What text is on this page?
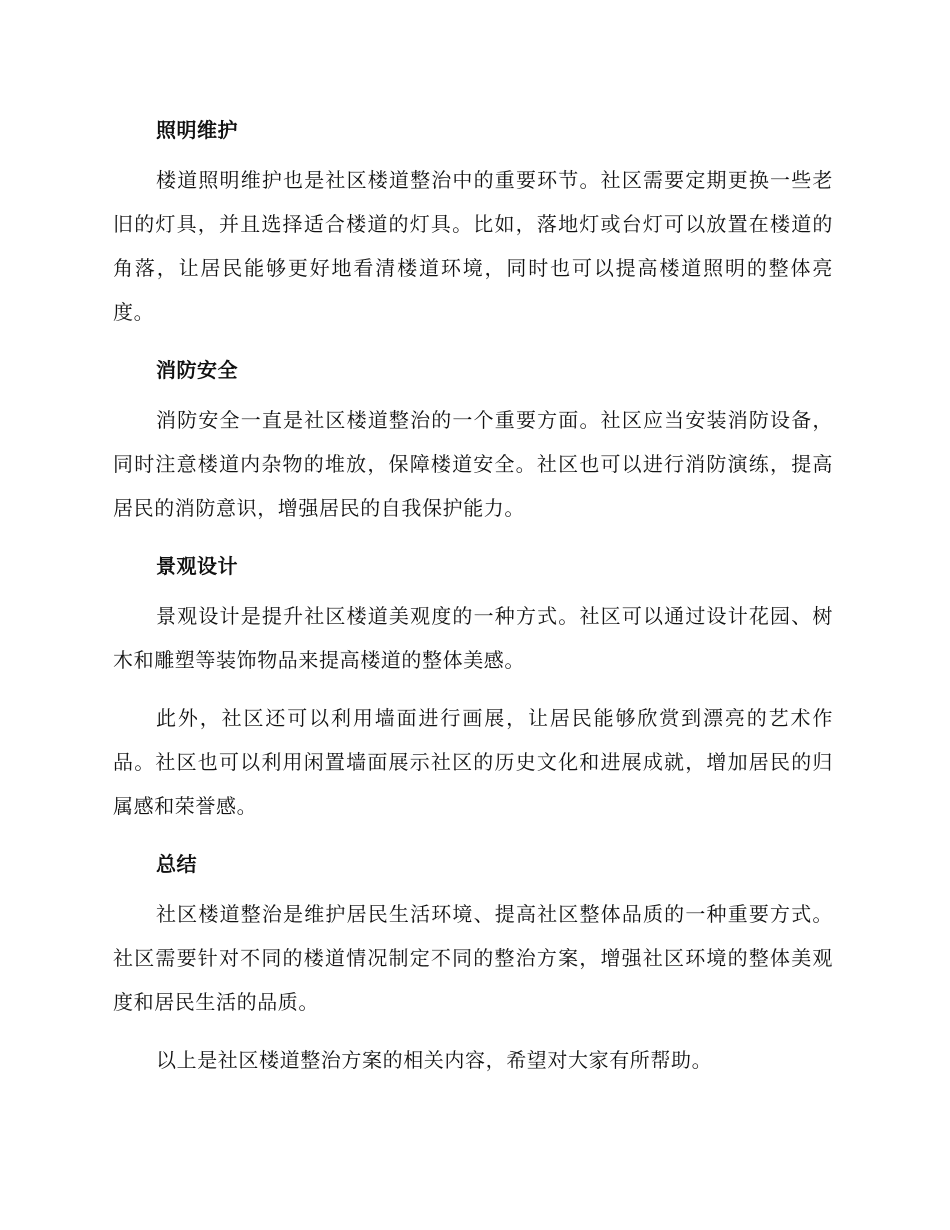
照明维护

楼道照明维护也是社区楼道整治中的重要环节。社区需要定期更换一些老旧的灯具，并且选择适合楼道的灯具。比如，落地灯或台灯可以放置在楼道的角落，让居民能够更好地看清楼道环境，同时也可以提高楼道照明的整体亮度。

消防安全

消防安全一直是社区楼道整治的一个重要方面。社区应当安装消防设备，同时注意楼道内杂物的堆放，保障楼道安全。社区也可以进行消防演练，提高居民的消防意识，增强居民的自我保护能力。

景观设计

景观设计是提升社区楼道美观度的一种方式。社区可以通过设计花园、树木和雕塑等装饰物品来提高楼道的整体美感。

此外，社区还可以利用墙面进行画展，让居民能够欣赏到漂亮的艺术作品。社区也可以利用闲置墙面展示社区的历史文化和进展成就，增加居民的归属感和荣誉感。

总结

社区楼道整治是维护居民生活环境、提高社区整体品质的一种重要方式。社区需要针对不同的楼道情况制定不同的整治方案，增强社区环境的整体美观度和居民生活的品质。

以上是社区楼道整治方案的相关内容，希望对大家有所帮助。
